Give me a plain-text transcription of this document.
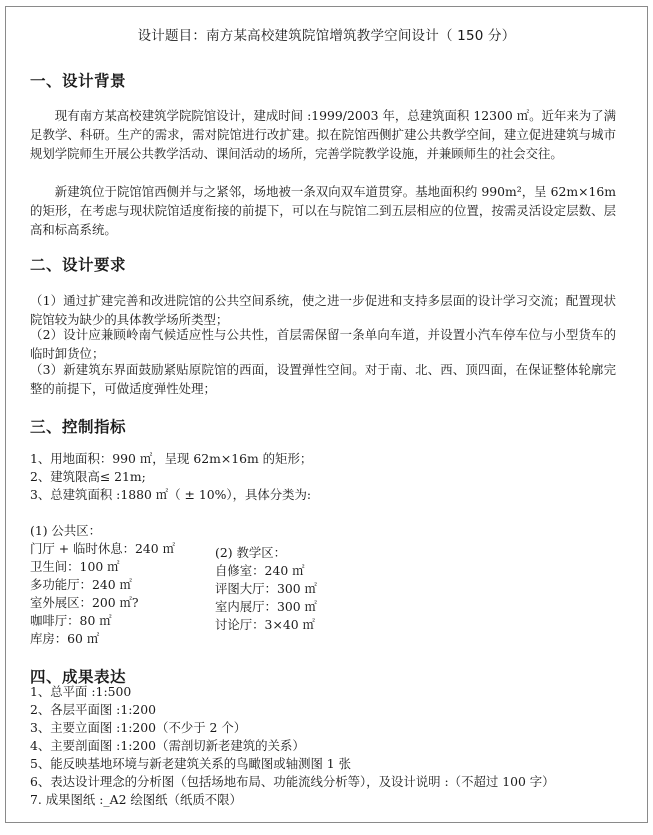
设计题目：南方某高校建筑院馆增筑教学空间设计（ 150 分）
一、设计背景

现有南方某高校建筑学院院馆设计，建成时间 :1999/2003 年，总建筑面积 12300 ㎡。近年来为了满足教学、科研。生产的需求，需对院馆进行改扩建。拟在院馆西侧扩建公共教学空间，建立促进建筑与城市规划学院师生开展公共教学活动、课间活动的场所，完善学院教学设施，并兼顾师生的社会交往。

新建筑位于院馆馆西侧并与之紧邻，场地被一条双向双车道贯穿。基地面积约 990m²，呈 62m×16m 的矩形，在考虑与现状院馆适度衔接的前提下，可以在与院馆二到五层相应的位置，按需灵活设定层数、层高和标高系统。

二、设计要求

（1）通过扩建完善和改进院馆的公共空间系统，使之进一步促进和支持多层面的设计学习交流；配置现状院馆较为缺少的具体教学场所类型；

（2）设计应兼顾岭南气候适应性与公共性，首层需保留一条单向车道，并设置小汽车停车位与小型货车的临时卸货位；

（3）新建筑东界面鼓励紧贴原院馆的西面，设置弹性空间。对于南、北、西、顶四面，在保证整体轮廓完整的前提下，可做适度弹性处理；

三、控制指标
1、用地面积：990 ㎡，呈现 62m×16m 的矩形；
2、建筑限高≤ 21m;
3、总建筑面积 :1880 ㎡（ ± 10%），具体分类为:
(1) 公共区：
门厅 + 临时休息：240 ㎡
卫生间：100 ㎡
多功能厅：240 ㎡
室外展区：200 ㎡?
咖啡厅：80 ㎡
库房：60 ㎡
(2) 教学区：
自修室：240 ㎡
评图大厅：300 ㎡
室内展厅：300 ㎡
讨论厅：3×40 ㎡
四、成果表达
1、总平面 :1:500
2、各层平面图 :1:200
3、主要立面图 :1:200（不少于 2 个）
4、主要剖面图 :1:200（需剖切新老建筑的关系）
5、能反映基地环境与新老建筑关系的鸟瞰图或轴测图 1 张
6、表达设计理念的分析图（包括场地布局、功能流线分析等），及设计说明 :（不超过 100 字）
7. 成果图纸 :_A2 绘图纸（纸质不限）
